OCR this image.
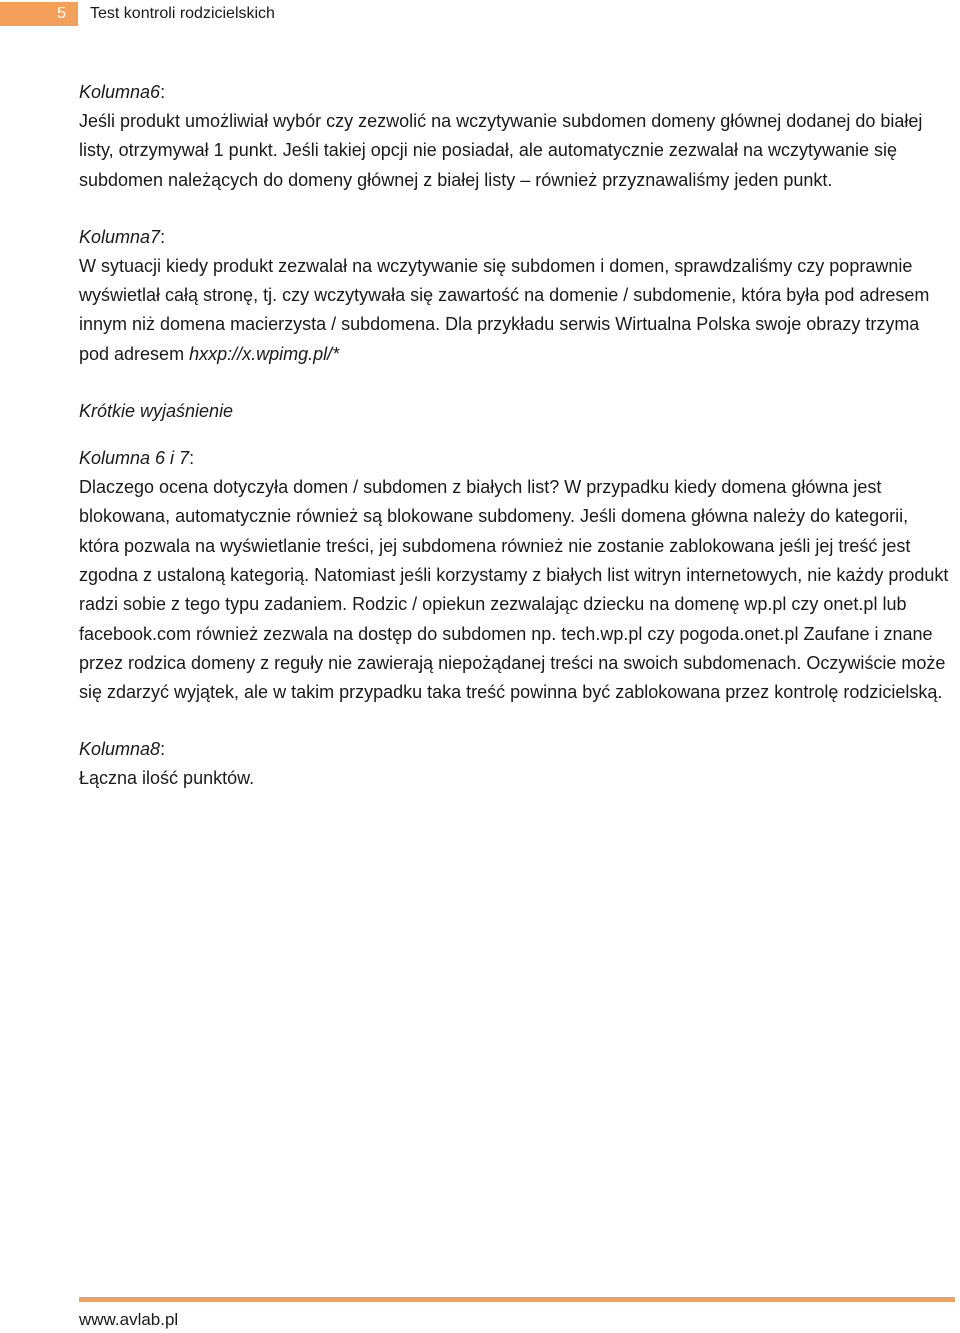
5	Test kontroli rodzicielskich
Kolumna6:

Jeśli produkt umożliwiał wybór czy zezwolić na wczytywanie subdomen domeny głównej dodanej do białej listy, otrzymywał 1 punkt. Jeśli takiej opcji nie posiadał, ale automatycznie zezwalał na wczytywanie się subdomen należących do domeny głównej z białej listy – również przyznawaliśmy jeden punkt.

Kolumna7:

W sytuacji kiedy produkt zezwalał na wczytywanie się subdomen i domen, sprawdzaliśmy czy poprawnie wyświetlał całą stronę, tj. czy wczytywała się zawartość na domenie / subdomenie, która była pod adresem innym niż domena macierzysta / subdomena. Dla przykładu serwis Wirtualna Polska swoje obrazy trzyma pod adresem hxxp://x.wpimg.pl/*

Krótkie wyjaśnienie
Kolumna 6 i 7:

Dlaczego ocena dotyczyła domen / subdomen z białych list? W przypadku kiedy domena główna jest blokowana, automatycznie również są blokowane subdomeny. Jeśli domena główna należy do kategorii, która pozwala na wyświetlanie treści, jej subdomena również nie zostanie zablokowana jeśli jej treść jest zgodna z ustaloną kategorią. Natomiast jeśli korzystamy z białych list witryn internetowych, nie każdy produkt radzi sobie z tego typu zadaniem. Rodzic / opiekun zezwalając dziecku na domenę wp.pl czy onet.pl lub facebook.com również zezwala na dostęp do subdomen np. tech.wp.pl czy pogoda.onet.pl Zaufane i znane przez rodzica domeny z reguły nie zawierają niepożądanej treści na swoich subdomenach. Oczywiście może się zdarzyć wyjątek, ale w takim przypadku taka treść powinna być zablokowana przez kontrolę rodzicielską.

Kolumna8:

Łączna ilość punktów.

www.avlab.pl
